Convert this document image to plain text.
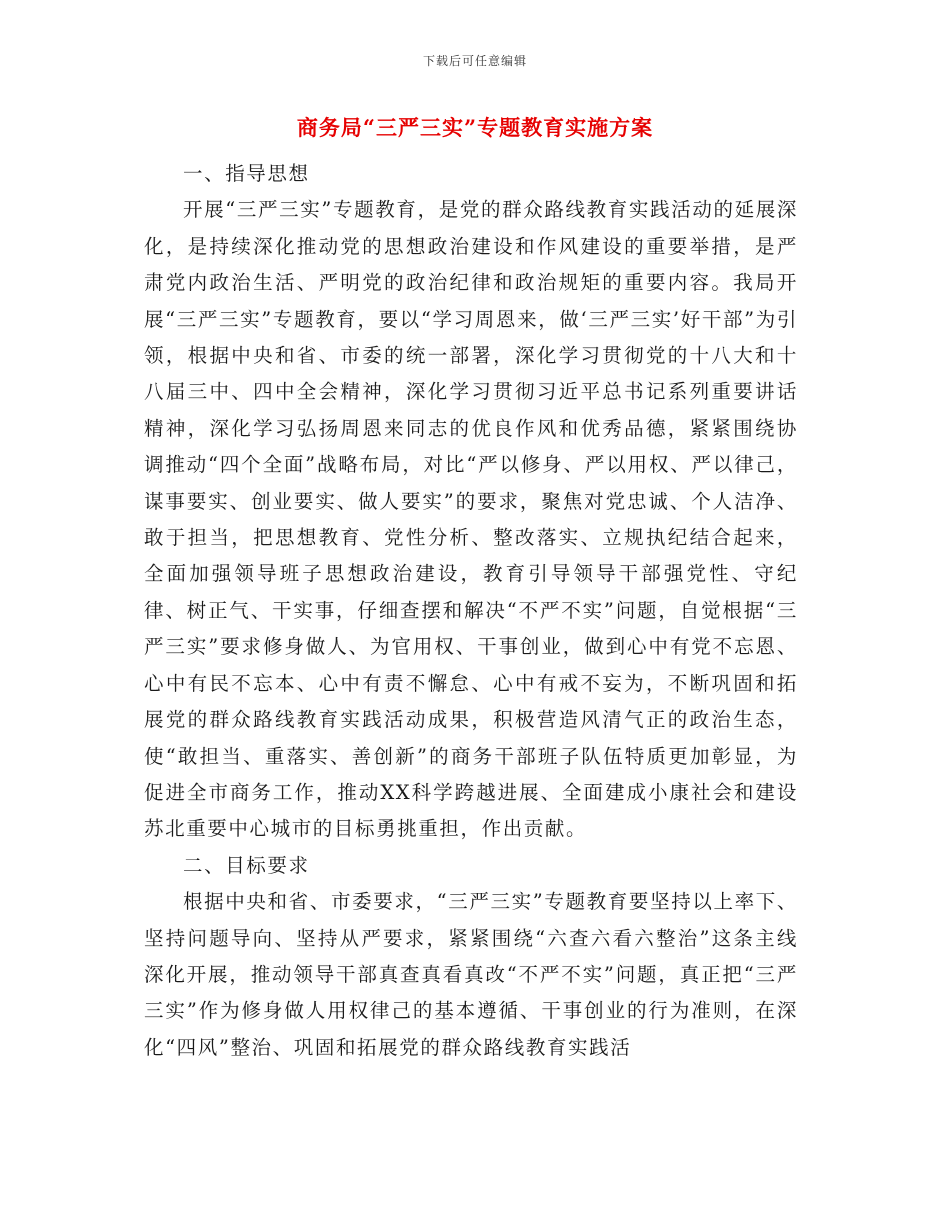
下载后可任意编辑
商务局“三严三实”专题教育实施方案

一、指导思想

开展“三严三实”专题教育，是党的群众路线教育实践活动的延展深化，是持续深化推动党的思想政治建设和作风建设的重要举措，是严肃党内政治生活、严明党的政治纪律和政治规矩的重要内容。我局开展“三严三实”专题教育，要以“学习周恩来，做‘三严三实’好干部”为引领，根据中央和省、市委的统一部署，深化学习贯彻党的十八大和十八届三中、四中全会精神，深化学习贯彻习近平总书记系列重要讲话精神，深化学习弘扬周恩来同志的优良作风和优秀品德，紧紧围绕协调推动“四个全面”战略布局，对比“严以修身、严以用权、严以律己，谋事要实、创业要实、做人要实”的要求，聚焦对党忠诚、个人洁净、敢于担当，把思想教育、党性分析、整改落实、立规执纪结合起来，全面加强领导班子思想政治建设，教育引导领导干部强党性、守纪律、树正气、干实事，仔细查摆和解决“不严不实”问题，自觉根据“三严三实”要求修身做人、为官用权、干事创业，做到心中有党不忘恩、心中有民不忘本、心中有责不懈怠、心中有戒不妄为，不断巩固和拓展党的群众路线教育实践活动成果，积极营造风清气正的政治生态，使“敢担当、重落实、善创新”的商务干部班子队伍特质更加彰显，为促进全市商务工作，推动XX科学跨越进展、全面建成小康社会和建设苏北重要中心城市的目标勇挑重担，作出贡献。

二、目标要求

根据中央和省、市委要求，“三严三实”专题教育要坚持以上率下、坚持问题导向、坚持从严要求，紧紧围绕“六查六看六整治”这条主线深化开展，推动领导干部真查真看真改“不严不实”问题，真正把“三严三实”作为修身做人用权律己的基本遵循、干事创业的行为准则，在深化“四风”整治、巩固和拓展党的群众路线教育实践活
